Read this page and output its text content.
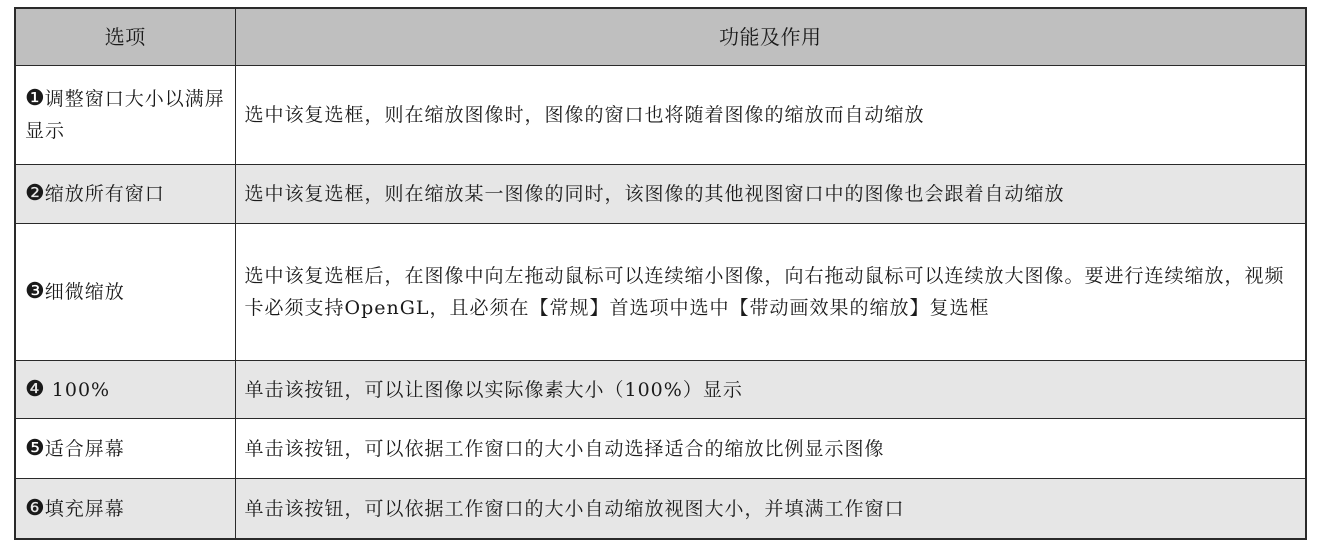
选项	功能及作用
❶调整窗口大小以满屏显示	选中该复选框，则在缩放图像时，图像的窗口也将随着图像的缩放而自动缩放
❷缩放所有窗口	选中该复选框，则在缩放某一图像的同时，该图像的其他视图窗口中的图像也会跟着自动缩放
❸细微缩放	选中该复选框后，在图像中向左拖动鼠标可以连续缩小图像，向右拖动鼠标可以连续放大图像。要进行连续缩放，视频卡必须支持OpenGL，且必须在【常规】首选项中选中【带动画效果的缩放】复选框
❹ 100%	单击该按钮，可以让图像以实际像素大小（100%）显示
❺适合屏幕	单击该按钮，可以依据工作窗口的大小自动选择适合的缩放比例显示图像
❻填充屏幕	单击该按钮，可以依据工作窗口的大小自动缩放视图大小，并填满工作窗口
